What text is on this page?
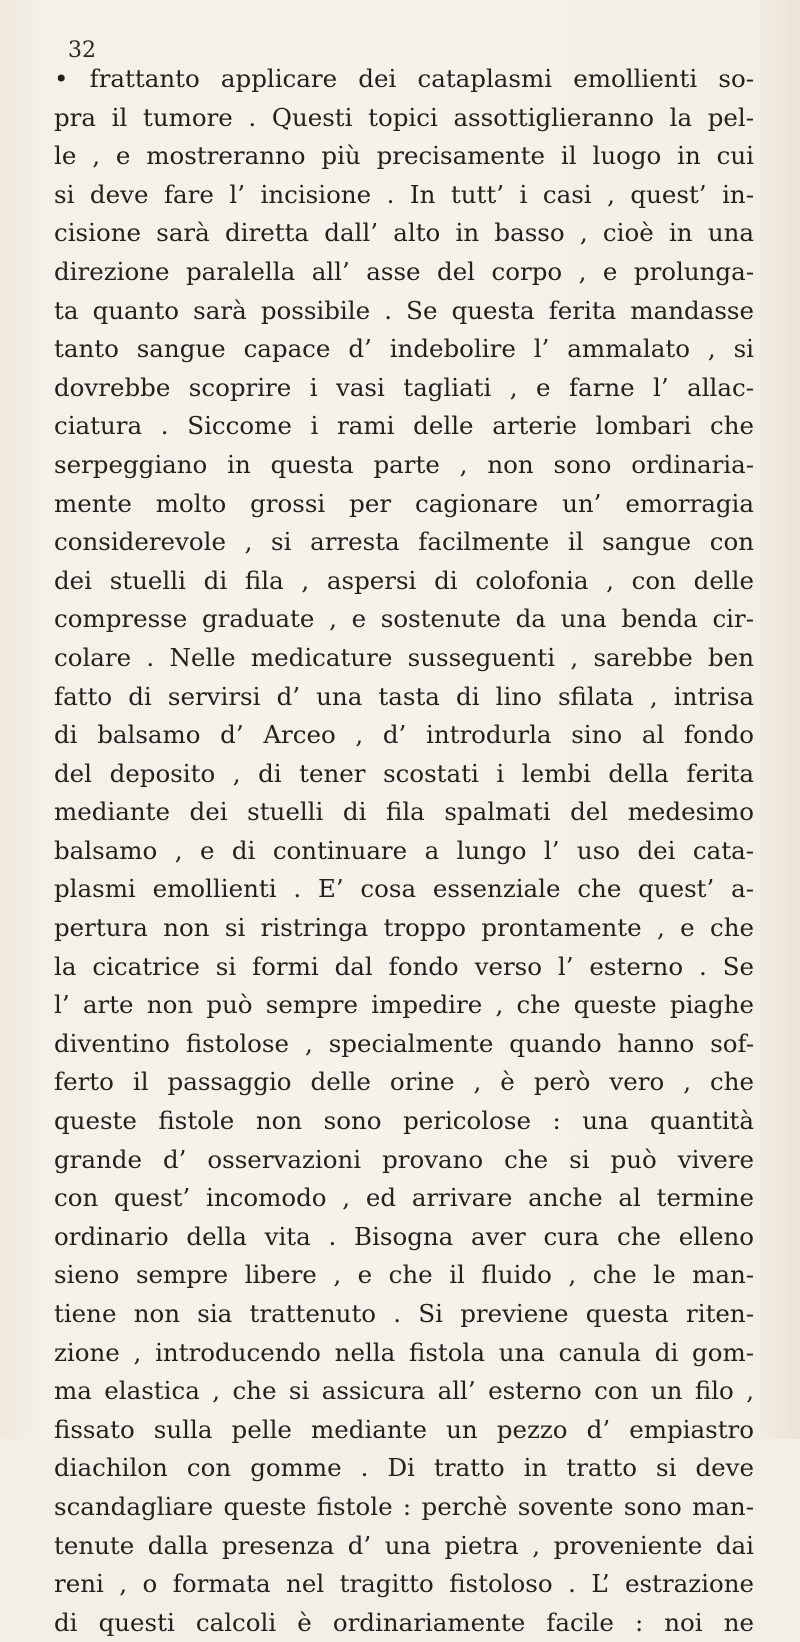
32
• frattanto applicare dei cataplasmi emollienti so-
pra il tumore . Questi topici assottiglieranno la pel-
le , e mostreranno più precisamente il luogo in cui
si deve fare l’ incisione . In tutt’ i casi , quest’ in-
cisione sarà diretta dall’ alto in basso , cioè in una
direzione paralella all’ asse del corpo , e prolunga-
ta quanto sarà possibile . Se questa ferita mandasse
tanto sangue capace d’ indebolire l’ ammalato , si
dovrebbe scoprire i vasi tagliati , e farne l’ allac-
ciatura . Siccome i rami delle arterie lombari che
serpeggiano in questa parte , non sono ordinaria-
mente molto grossi per cagionare un’ emorragia
considerevole , si arresta facilmente il sangue con
dei stuelli di fila , aspersi di colofonia , con delle
compresse graduate , e sostenute da una benda cir-
colare . Nelle medicature susseguenti , sarebbe ben
fatto di servirsi d’ una tasta di lino sfilata , intrisa
di balsamo d’ Arceo , d’ introdurla sino al fondo
del deposito , di tener scostati i lembi della ferita
mediante dei stuelli di fila spalmati del medesimo
balsamo , e di continuare a lungo l’ uso dei cata-
plasmi emollienti . E’ cosa essenziale che quest’ a-
pertura non si ristringa troppo prontamente , e che
la cicatrice si formi dal fondo verso l’ esterno . Se
l’ arte non può sempre impedire , che queste piaghe
diventino fistolose , specialmente quando hanno sof-
ferto il passaggio delle orine , è però vero , che
queste fistole non sono pericolose : una quantità
grande d’ osservazioni provano che si può vivere
con quest’ incomodo , ed arrivare anche al termine
ordinario della vita . Bisogna aver cura che elleno
sieno sempre libere , e che il fluido , che le man-
tiene non sia trattenuto . Si previene questa riten-
zione , introducendo nella fistola una canula di gom-
ma elastica , che si assicura all’ esterno con un filo ,
fissato sulla pelle mediante un pezzo d’ empiastro
diachilon con gomme . Di tratto in tratto si deve
scandagliare queste fistole : perchè sovente sono man-
tenute dalla presenza d’ una pietra , proveniente dai
reni , o formata nel tragitto fistoloso . L’ estrazione
di questi calcoli è ordinariamente facile : noi ne
